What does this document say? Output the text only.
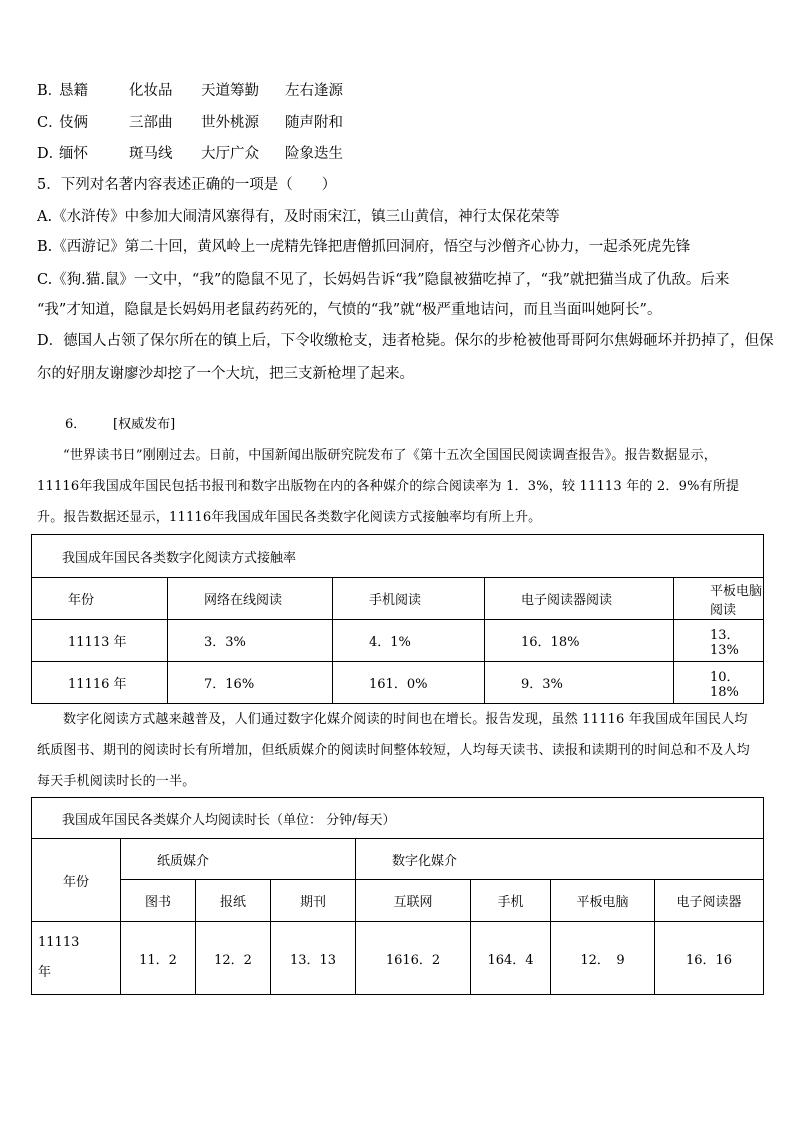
B．恳籍	化妆品 天道筹勤 左右逢源
C．伎俩	三部曲 世外桃源 随声附和
D．缅怀	斑马线 大厅广众 险象迭生
5．下列对名著内容表述正确的一项是（　　）
A.《水浒传》中参加大闹清风寨得有，及时雨宋江，镇三山黄信，神行太保花荣等
B.《西游记》第二十回，黄风岭上一虎精先锋把唐僧抓回洞府，悟空与沙僧齐心协力，一起杀死虎先锋
C.《狗.猫.鼠》一文中，“我”的隐鼠不见了，长妈妈告诉“我”隐鼠被猫吃掉了，“我”就把猫当成了仇敌。后来
“我”才知道，隐鼠是长妈妈用老鼠药药死的，气愤的“我”就“极严重地诘问，而且当面叫她阿长”。
D．德国人占领了保尔所在的镇上后，下令收缴枪支，违者枪毙。保尔的步枪被他哥哥阿尔焦姆砸坏并扔掉了，但保
尔的好朋友谢廖沙却挖了一个大坑，把三支新枪埋了起来。
6． [权威发布]
“世界读书日”刚刚过去。日前，中国新闻出版研究院发布了《第十五次全国国民阅读调查报告》。报告数据显示，11116年我国成年国民包括书报刊和数字出版物在内的各种媒介的综合阅读率为 1．3%，较 11113 年的 2．9%有所提升。报告数据还显示，11116年我国成年国民各类数字化阅读方式接触率均有所上升。
我国成年国民各类数字化阅读方式接触率				
年份	网络在线阅读	手机阅读	电子阅读器阅读	平板电脑阅读
11113 年	3．3%	4．1%	16．18%	13．13%
11116 年	7．16%	161．0%	9．3%	10．18%
数字化阅读方式越来越普及，人们通过数字化媒介阅读的时间也在增长。报告发现，虽然 11116 年我国成年国民人均纸质图书、期刊的阅读时长有所增加，但纸质媒介的阅读时间整体较短，人均每天读书、读报和读期刊的时间总和不及人均每天手机阅读时长的一半。
我国成年国民各类媒介人均阅读时长（单位： 分钟/每天）							
年份	纸质媒介			数字化媒介			
	图书	报纸	期刊	互联网	手机	平板电脑	电子阅读器
11113 年	11．2	12．2	13．13	1616．2	164．4	12．　9	16．16
